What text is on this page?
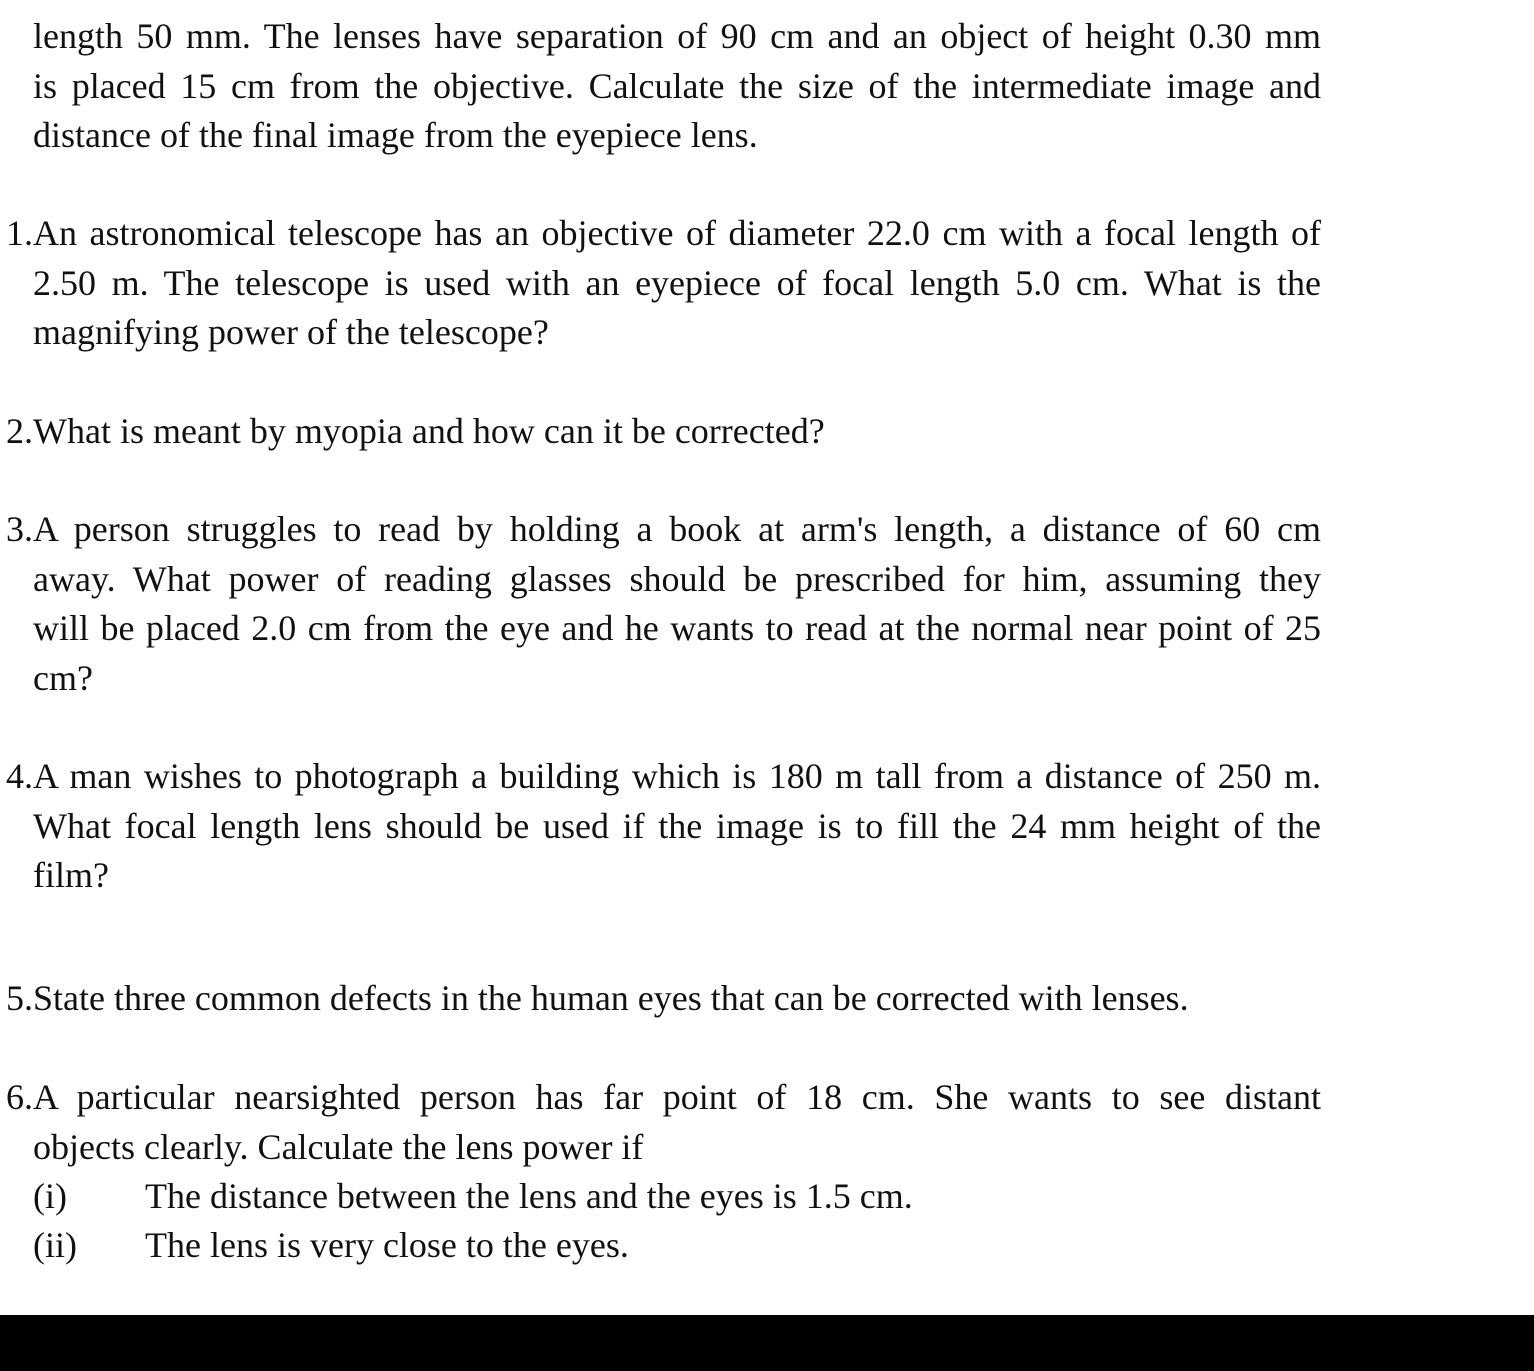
length 50 mm. The lenses have separation of 90 cm and an object of height 0.30 mm
is placed 15 cm from the objective. Calculate the size of the intermediate image and
distance of the final image from the eyepiece lens.
1. An astronomical telescope has an objective of diameter 22.0 cm with a focal length of
2.50 m. The telescope is used with an eyepiece of focal length 5.0 cm. What is the
magnifying power of the telescope?
2. What is meant by myopia and how can it be corrected?
3. A person struggles to read by holding a book at arm's length, a distance of 60 cm
away. What power of reading glasses should be prescribed for him, assuming they
will be placed 2.0 cm from the eye and he wants to read at the normal near point of 25
cm?
4. A man wishes to photograph a building which is 180 m tall from a distance of 250 m.
What focal length lens should be used if the image is to fill the 24 mm height of the
film?
5. State three common defects in the human eyes that can be corrected with lenses.
6. A particular nearsighted person has far point of 18 cm. She wants to see distant
objects clearly. Calculate the lens power if
(i) The distance between the lens and the eyes is 1.5 cm.
(ii) The lens is very close to the eyes.
